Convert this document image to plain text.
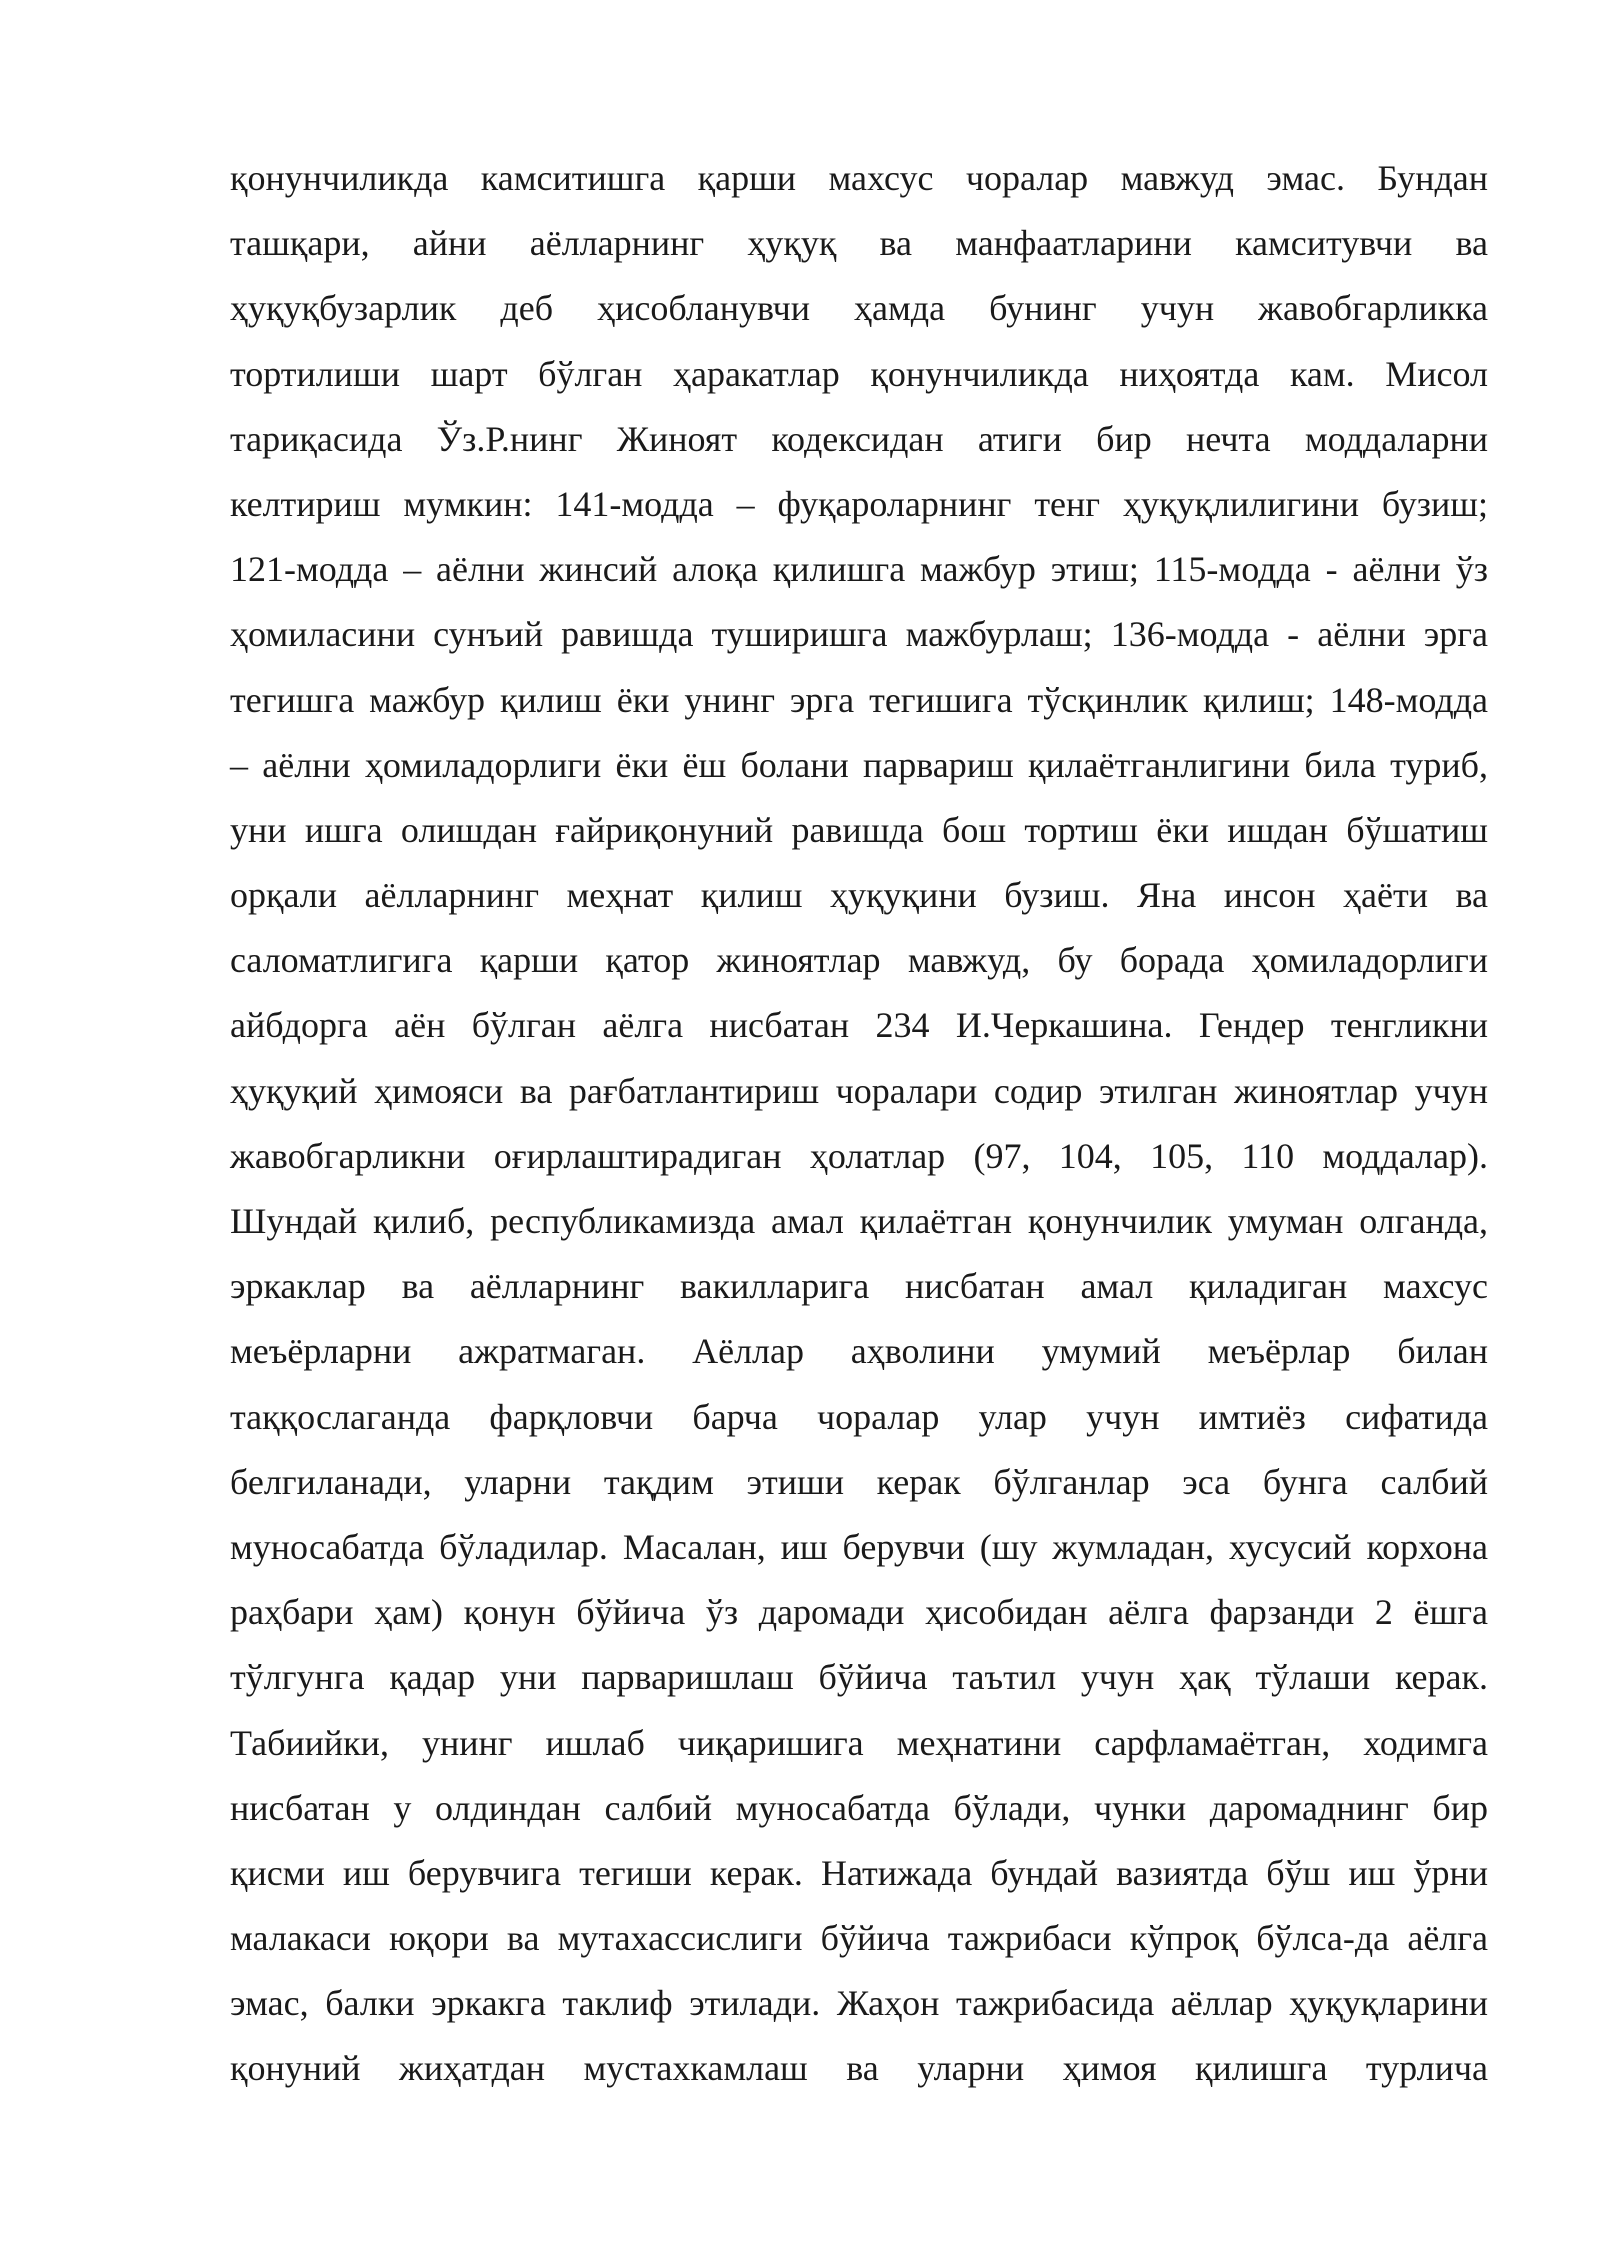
қонунчиликда камситишга қарши махсус чоралар мавжуд эмас. Бундан
ташқари, айни аёлларнинг ҳуқуқ ва манфаатларини камситувчи ва
ҳуқуқбузарлик деб ҳисобланувчи ҳамда бунинг учун жавобгарликка
тортилиши шарт бўлган ҳаракатлар қонунчиликда ниҳоятда кам. Мисол
тариқасида Ўз.Р.нинг Жиноят кодексидан атиги бир нечта моддаларни
келтириш мумкин: 141-модда – фуқароларнинг тенг ҳуқуқлилигини бузиш;
121-модда – аёлни жинсий алоқа қилишга мажбур этиш; 115-модда - аёлни ўз
ҳомиласини сунъий равишда туширишга мажбурлаш; 136-модда - аёлни эрга
тегишга мажбур қилиш ёки унинг эрга тегишига тўсқинлик қилиш; 148-модда
– аёлни ҳомиладорлиги ёки ёш болани парвариш қилаётганлигини била туриб,
уни ишга олишдан ғайриқонуний равишда бош тортиш ёки ишдан бўшатиш
орқали аёлларнинг меҳнат қилиш ҳуқуқини бузиш. Яна инсон ҳаёти ва
саломатлигига қарши қатор жиноятлар мавжуд, бу борада ҳомиладорлиги
айбдорга аён бўлган аёлга нисбатан 234 И.Черкашина. Гендер тенгликни
ҳуқуқий ҳимояси ва рағбатлантириш чоралари содир этилган жиноятлар учун
жавобгарликни оғирлаштирадиган ҳолатлар (97, 104, 105, 110 моддалар).
Шундай қилиб, республикамизда амал қилаётган қонунчилик умуман олганда,
эркаклар ва аёлларнинг вакилларига нисбатан амал қиладиган махсус
меъёрларни ажратмаган. Аёллар аҳволини умумий меъёрлар билан
таққослаганда фарқловчи барча чоралар улар учун имтиёз сифатида
белгиланади, уларни тақдим этиши керак бўлганлар эса бунга салбий
муносабатда бўладилар. Масалан, иш берувчи (шу жумладан, хусусий корхона
раҳбари ҳам) қонун бўйича ўз даромади ҳисобидан аёлга фарзанди 2 ёшга
тўлгунга қадар уни парваришлаш бўйича таътил учун ҳақ тўлаши керак.
Табиийки, унинг ишлаб чиқаришига меҳнатини сарфламаётган, ходимга
нисбатан у олдиндан салбий муносабатда бўлади, чунки даромаднинг бир
қисми иш берувчига тегиши керак. Натижада бундай вазиятда бўш иш ўрни
малакаси юқори ва мутахассислиги бўйича тажрибаси кўпроқ бўлса-да аёлга
эмас, балки эркакга таклиф этилади. Жаҳон тажрибасида аёллар ҳуқуқларини
қонуний жиҳатдан мустахкамлаш ва уларни ҳимоя қилишга турлича
